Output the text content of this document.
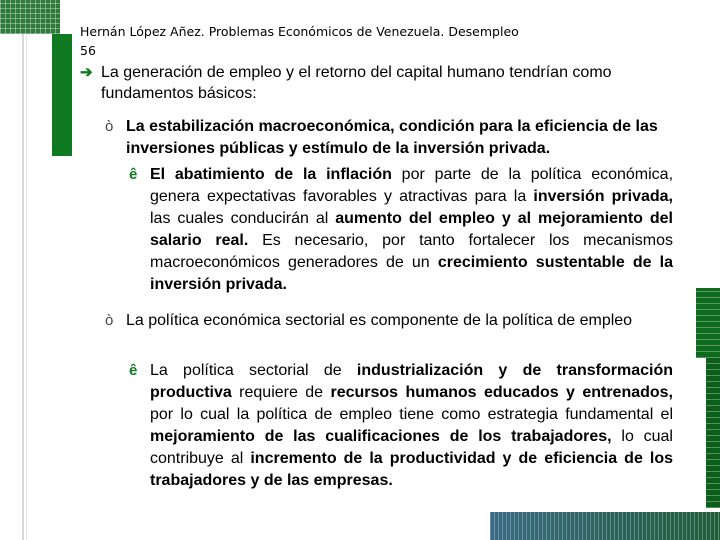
Hernán López Añez. Problemas Económicos de Venezuela. Desempleo
56
➔ La generación de empleo y el retorno del capital humano tendrían como fundamentos básicos:
ò La estabilización macroeconómica, condición para la eficiencia de las inversiones públicas y estímulo de la inversión privada.
ê El abatimiento de la inflación por parte de la política económica, genera expectativas favorables y atractivas para la inversión privada, las cuales conducirán al aumento del empleo y al mejoramiento del salario real. Es necesario, por tanto fortalecer los mecanismos macroeconómicos generadores de un crecimiento sustentable de la inversión privada.
ò La política económica sectorial es componente de la política de empleo
ê La política sectorial de industrialización y de transformación productiva requiere de recursos humanos educados y entrenados, por lo cual la política de empleo tiene como estrategia fundamental el mejoramiento de las cualificaciones de los trabajadores, lo cual contribuye al incremento de la productividad y de eficiencia de los trabajadores y de las empresas.
